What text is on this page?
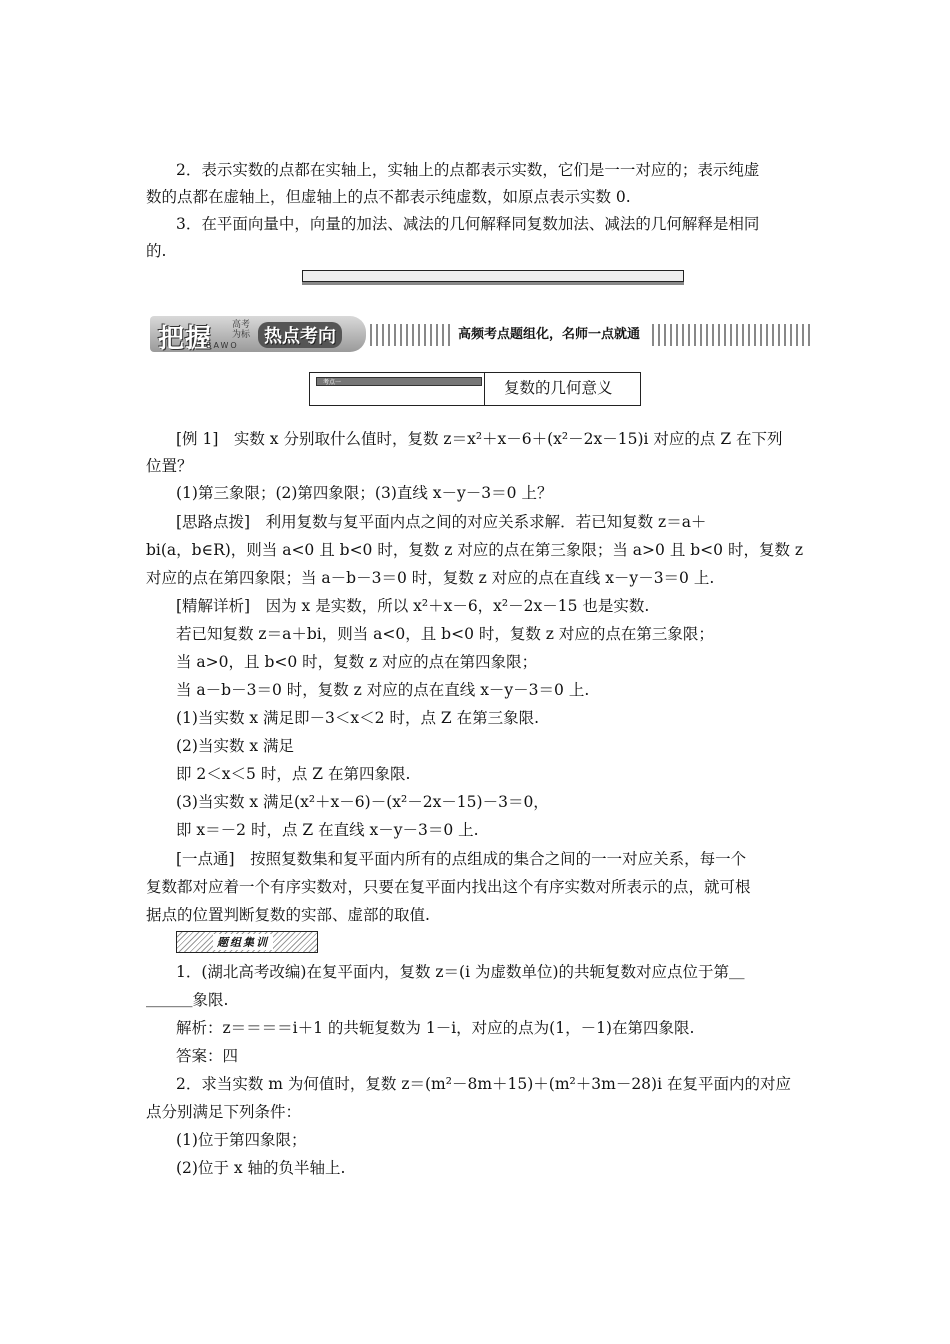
2．表示实数的点都在实轴上，实轴上的点都表示实数，它们是一一对应的；表示纯虚

数的点都在虚轴上，但虚轴上的点不都表示纯虚数，如原点表示实数 0.

3．在平面向量中，向量的加法、减法的几何解释同复数加法、减法的几何解释是相同

的.

把握 高考 为标 热点考向
BAWO
高频考点题组化，名师一点就通
考点一	复数的几何意义

[例 1]　实数 x 分别取什么值时，复数 z＝x²＋x－6＋(x²－2x－15)i 对应的点 Z 在下列

位置？

(1)第三象限；(2)第四象限；(3)直线 x－y－3＝0 上？

[思路点拨]　利用复数与复平面内点之间的对应关系求解．若已知复数 z＝a＋

bi(a，b∈R)，则当 a<0 且 b<0 时，复数 z 对应的点在第三象限；当 a>0 且 b<0 时，复数 z

对应的点在第四象限；当 a－b－3＝0 时，复数 z 对应的点在直线 x－y－3＝0 上.

[精解详析]　因为 x 是实数，所以 x²＋x－6，x²－2x－15 也是实数.

若已知复数 z＝a＋bi，则当 a<0，且 b<0 时，复数 z 对应的点在第三象限；

当 a>0，且 b<0 时，复数 z 对应的点在第四象限；

当 a－b－3＝0 时，复数 z 对应的点在直线 x－y－3＝0 上.

(1)当实数 x 满足即－3＜x＜2 时，点 Z 在第三象限.

(2)当实数 x 满足

即 2＜x＜5 时，点 Z 在第四象限.

(3)当实数 x 满足(x²＋x－6)－(x²－2x－15)－3＝0，

即 x＝－2 时，点 Z 在直线 x－y－3＝0 上.

[一点通]　按照复数集和复平面内所有的点组成的集合之间的一一对应关系，每一个

复数都对应着一个有序实数对，只要在复平面内找出这个有序实数对所表示的点，就可根

据点的位置判断复数的实部、虚部的取值.

题组集训

1．(湖北高考改编)在复平面内，复数 z＝(i 为虚数单位)的共轭复数对应点位于第＿

＿＿＿象限.

解析：z＝＝＝＝i＋1 的共轭复数为 1－i，对应的点为(1，－1)在第四象限.

答案：四

2．求当实数 m 为何值时，复数 z＝(m²－8m＋15)＋(m²＋3m－28)i 在复平面内的对应

点分别满足下列条件：

(1)位于第四象限；

(2)位于 x 轴的负半轴上.
